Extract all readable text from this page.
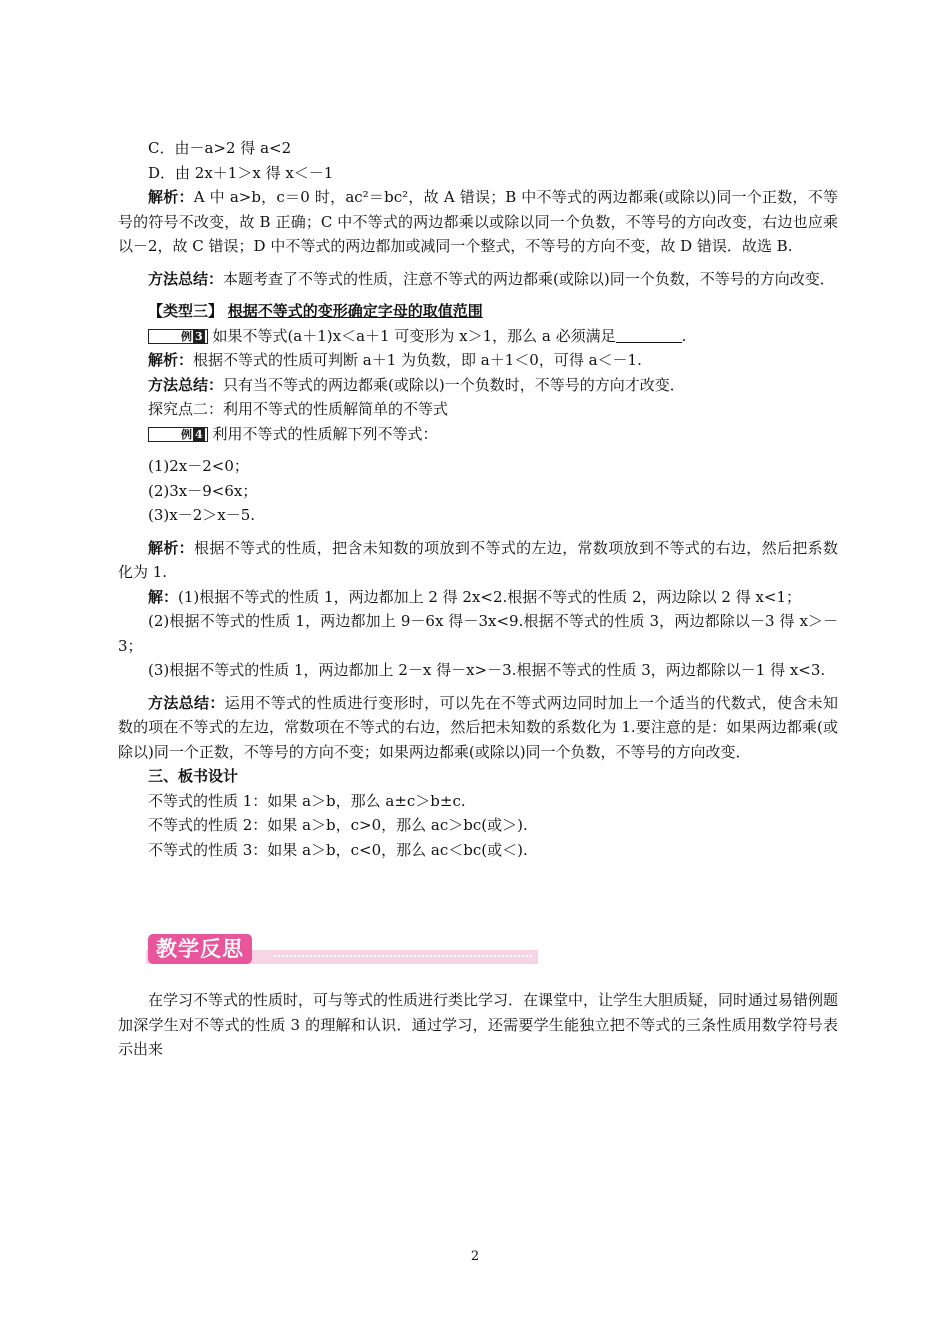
C．由－a>2 得 a<2

D．由 2x＋1＞x 得 x＜－1

解析：A 中 a>b，c＝0 时，ac²＝bc²，故 A 错误；B 中不等式的两边都乘(或除以)同一个正数，不等号的符号不改变，故 B 正确；C 中不等式的两边都乘以或除以同一个负数，不等号的方向改变，右边也应乘以－2，故 C 错误；D 中不等式的两边都加或减同一个整式，不等号的方向不变，故 D 错误．故选 B.

方法总结：本题考查了不等式的性质，注意不等式的两边都乘(或除以)同一个负数，不等号的方向改变．

【类型三】 根据不等式的变形确定字母的取值范围

例 3 如果不等式(a＋1)x＜a＋1 可变形为 x＞1，那么 a 必须满足	.

解析：根据不等式的性质可判断 a＋1 为负数，即 a＋1＜0，可得 a＜－1.

方法总结：只有当不等式的两边都乘(或除以)一个负数时，不等号的方向才改变．

探究点二：利用不等式的性质解简单的不等式

例 4 利用不等式的性质解下列不等式：

(1)2x－2<0；

(2)3x－9<6x；

(3)x－2＞x－5.

解析：根据不等式的性质，把含未知数的项放到不等式的左边，常数项放到不等式的右边，然后把系数化为 1.

解：(1)根据不等式的性质 1，两边都加上 2 得 2x<2.根据不等式的性质 2，两边除以 2 得 x<1；

(2)根据不等式的性质 1，两边都加上 9－6x 得－3x<9.根据不等式的性质 3，两边都除以－3 得 x＞－3；

(3)根据不等式的性质 1，两边都加上 2－x 得－x>－3.根据不等式的性质 3，两边都除以－1 得 x<3.

方法总结：运用不等式的性质进行变形时，可以先在不等式两边同时加上一个适当的代数式，使含未知数的项在不等式的左边，常数项在不等式的右边，然后把未知数的系数化为 1.要注意的是：如果两边都乘(或除以)同一个正数，不等号的方向不变；如果两边都乘(或除以)同一个负数，不等号的方向改变．

三、板书设计

不等式的性质 1：如果 a＞b，那么 a±c＞b±c.

不等式的性质 2：如果 a＞b，c>0，那么 ac＞bc(或＞).

不等式的性质 3：如果 a＞b，c<0，那么 ac＜bc(或＜).

教学反思

在学习不等式的性质时，可与等式的性质进行类比学习．在课堂中，让学生大胆质疑，同时通过易错例题加深学生对不等式的性质 3 的理解和认识．通过学习，还需要学生能独立把不等式的三条性质用数学符号表示出来

2
